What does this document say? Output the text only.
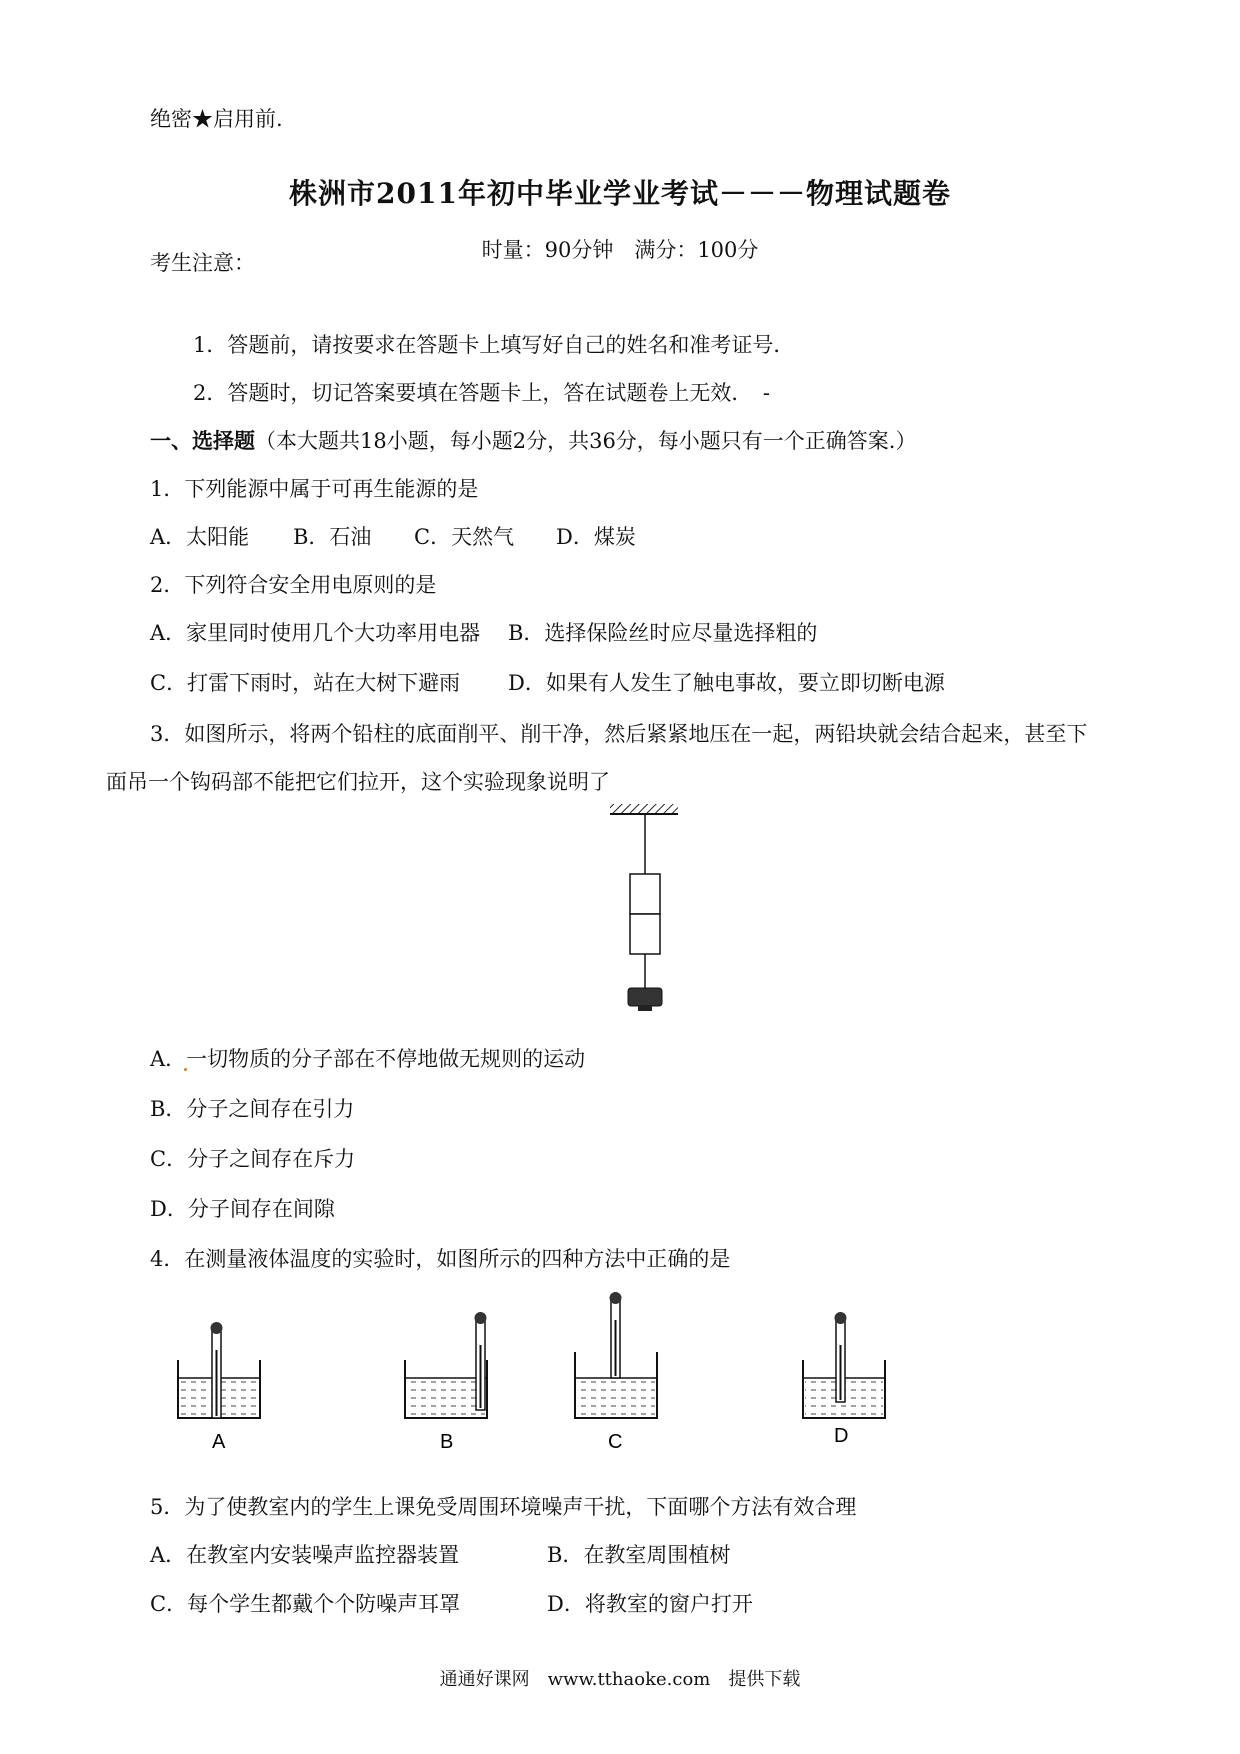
绝密★启用前.
株洲市2011年初中毕业学业考试－－－物理试题卷
时量：90分钟　满分：100分
考生注意：
1．答题前，请按要求在答题卡上填写好自己的姓名和准考证号．
2．答题时，切记答案要填在答题卡上，答在试题卷上无效．　-
一、选择题（本大题共18小题，每小题2分，共36分，每小题只有一个正确答案.）
1．下列能源中属于可再生能源的是
A．太阳能 B．石油 C．天然气 D．煤炭
2．下列符合安全用电原则的是
A．家里同时使用几个大功率用电器 B．选择保险丝时应尽量选择粗的
C．打雷下雨时，站在大树下避雨 D．如果有人发生了触电事故，要立即切断电源
3．如图所示，将两个铅柱的底面削平、削干净，然后紧紧地压在一起，两铅块就会结合起来，甚至下
面吊一个钩码部不能把它们拉开，这个实验现象说明了
A．一切物质的分子部在不停地做无规则的运动
B．分子之间存在引力
C．分子之间存在斥力
D．分子间存在间隙
4．在测量液体温度的实验时，如图所示的四种方法中正确的是
A	B	C	D
5．为了使教室内的学生上课免受周围环境噪声干扰，下面哪个方法有效合理
A．在教室内安装噪声监控器装置	B．在教室周围植树
C．每个学生都戴个个防噪声耳罩	D．将教室的窗户打开
通通好课网　www.tthaoke.com　提供下载
